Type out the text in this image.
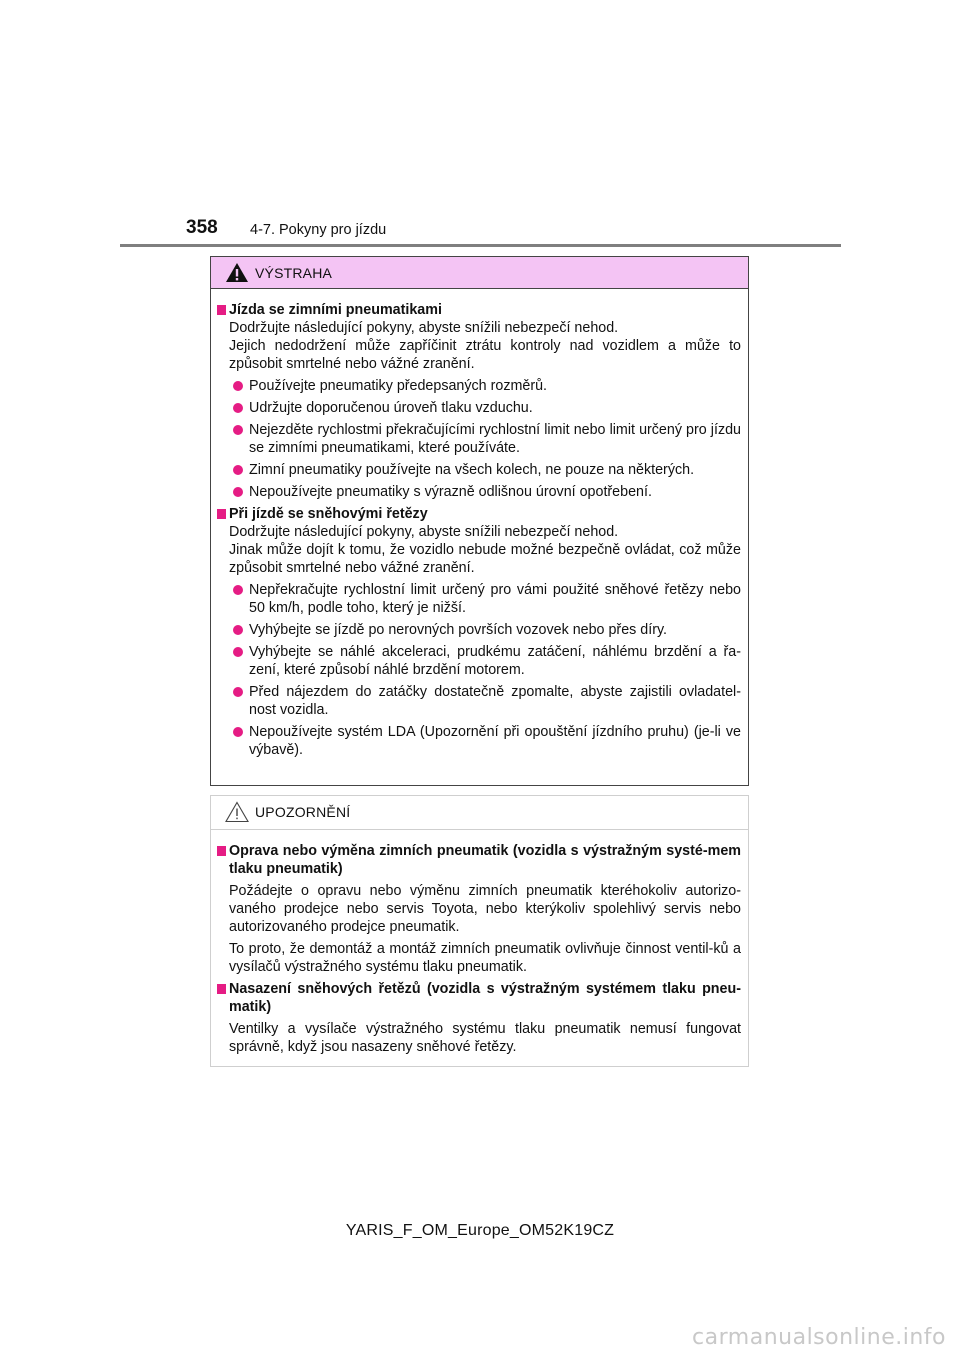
358 4-7. Pokyny pro jízdu
VÝSTRAHA

Jízda se zimními pneumatikami

Dodržujte následující pokyny, abyste snížili nebezpečí nehod.

Jejich nedodržení může zapříčinit ztrátu kontroly nad vozidlem a může to způsobit smrtelné nebo vážné zranění.

Používejte pneumatiky předepsaných rozměrů.
Udržujte doporučenou úroveň tlaku vzduchu.
Nejezděte rychlostmi překračujícími rychlostní limit nebo limit určený pro jízdu se zimními pneumatikami, které používáte.
Zimní pneumatiky používejte na všech kolech, ne pouze na některých.
Nepoužívejte pneumatiky s výrazně odlišnou úrovní opotřebení.

Při jízdě se sněhovými řetězy

Dodržujte následující pokyny, abyste snížili nebezpečí nehod.

Jinak může dojít k tomu, že vozidlo nebude možné bezpečně ovládat, což může způsobit smrtelné nebo vážné zranění.

Nepřekračujte rychlostní limit určený pro vámi použité sněhové řetězy nebo 50 km/h, podle toho, který je nižší.
Vyhýbejte se jízdě po nerovných površích vozovek nebo přes díry.
Vyhýbejte se náhlé akceleraci, prudkému zatáčení, náhlému brzdění a řa-zení, které způsobí náhlé brzdění motorem.
Před nájezdem do zatáčky dostatečně zpomalte, abyste zajistili ovladatel-nost vozidla.
Nepoužívejte systém LDA (Upozornění při opouštění jízdního pruhu) (je-li ve výbavě).
UPOZORNĚNÍ

Oprava nebo výměna zimních pneumatik (vozidla s výstražným systé-mem tlaku pneumatik)

Požádejte o opravu nebo výměnu zimních pneumatik kteréhokoliv autorizo-vaného prodejce nebo servis Toyota, nebo kterýkoliv spolehlivý servis nebo autorizovaného prodejce pneumatik.

To proto, že demontáž a montáž zimních pneumatik ovlivňuje činnost ventil-ků a vysílačů výstražného systému tlaku pneumatik.

Nasazení sněhových řetězů (vozidla s výstražným systémem tlaku pneu-matik)

Ventilky a vysílače výstražného systému tlaku pneumatik nemusí fungovat správně, když jsou nasazeny sněhové řetězy.

YARIS_F_OM_Europe_OM52K19CZ
carmanualsonline.info
